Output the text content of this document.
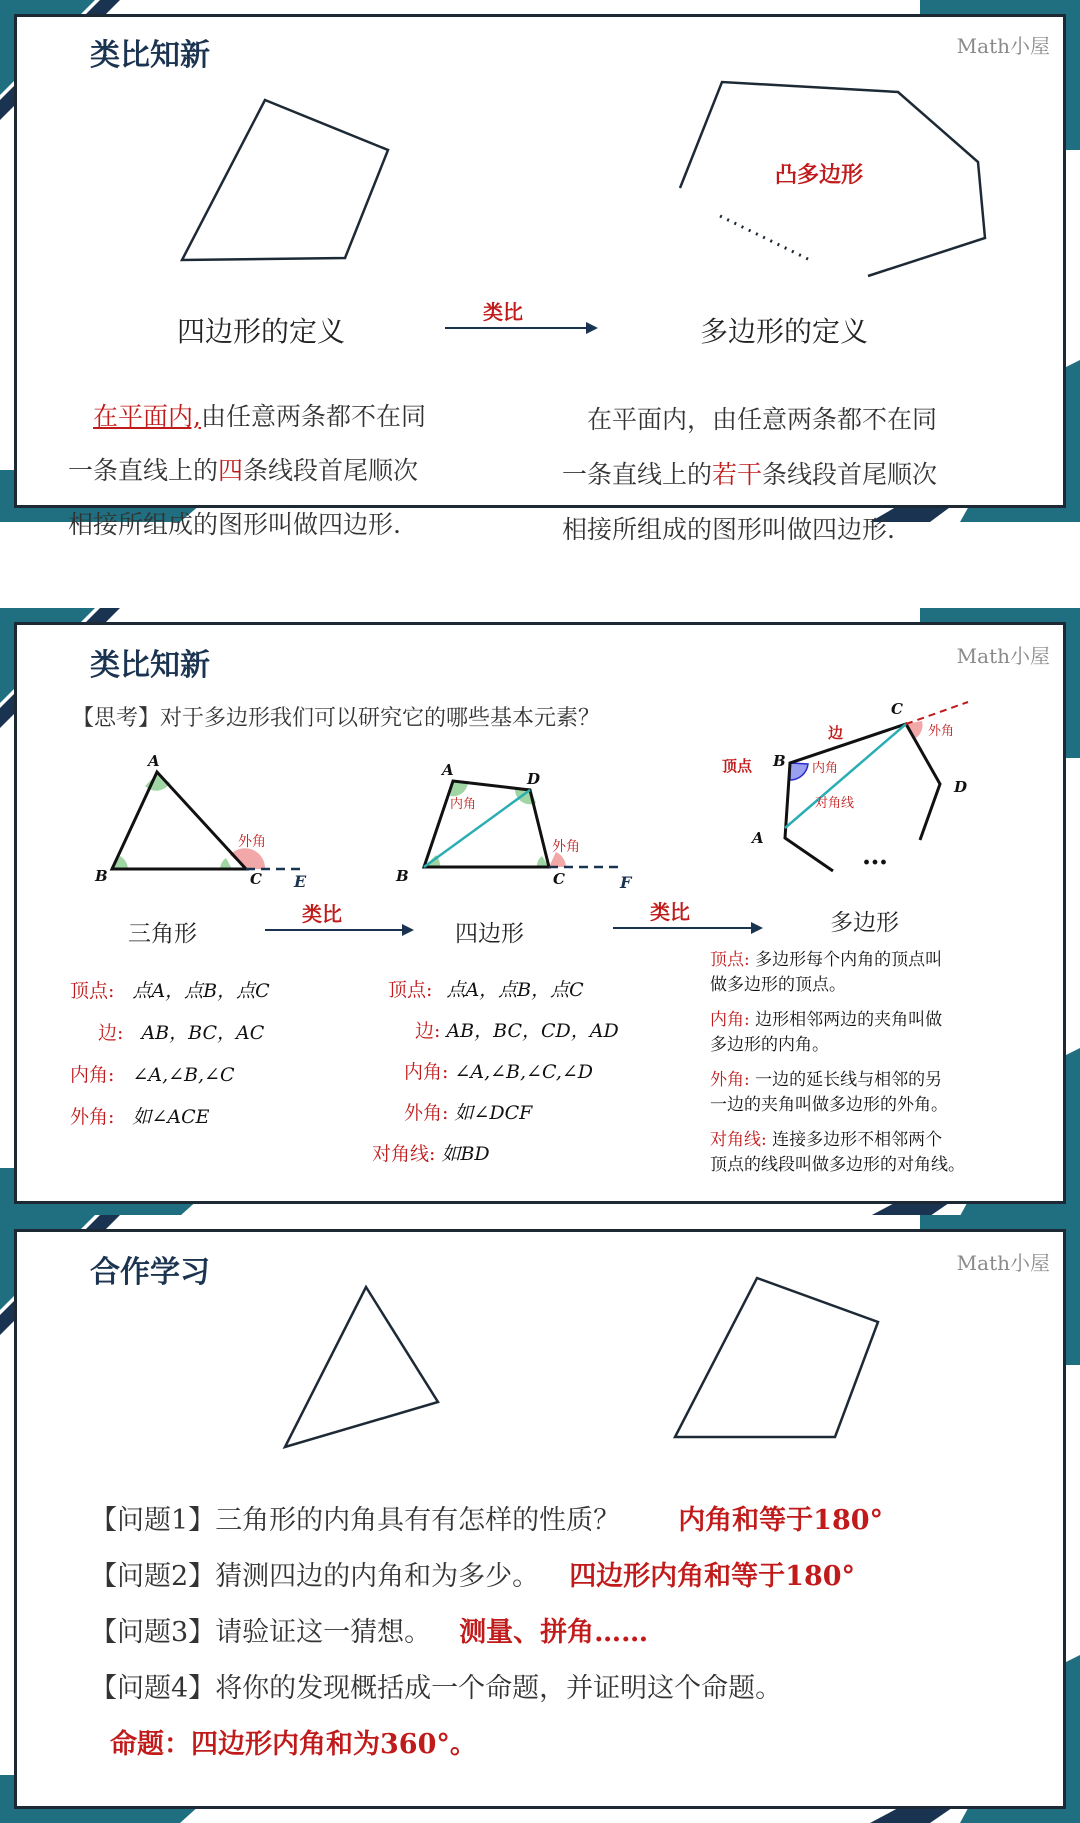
类比知新	Math小屋
凸多边形
四边形的定义
类比
多边形的定义
在平面内,由任意两条都不在同
一条直线上的四条线段首尾顺次
相接所组成的图形叫做四边形.
在平面内，由任意两条都不在同
一条直线上的若干条线段首尾顺次
相接所组成的图形叫做四边形.
类比知新	Math小屋
【思考】对于多边形我们可以研究它的哪些基本元素？
A
B	C E
外角
A
B	C
D
F
内角
外角	A
B
C
D
边
顶点	内角
外角
对角线
…
三角形	四边形	多边形
类比	类比
顶点: 点A，点B，点C
边: AB，BC，AC
内角: ∠A,∠B,∠C
外角: 如∠ACE
顶点: 点A，点B，点C
边: AB，BC，CD，AD
内角: ∠A,∠B,∠C,∠D
外角: 如∠DCF
对角线: 如BD
顶点: 多边形每个内角的顶点叫
做多边形的顶点。
内角: 边形相邻两边的夹角叫做
多边形的内角。
外角: 一边的延长线与相邻的另
一边的夹角叫做多边形的外角。
对角线: 连接多边形不相邻两个
顶点的线段叫做多边形的对角线。
合作学习	Math小屋
【问题1】三角形的内角具有有怎样的性质？ 内角和等于180°
【问题2】猜测四边的内角和为多少。 四边形内角和等于180°
【问题3】请验证这一猜想。 测量、拼角……
【问题4】将你的发现概括成一个命题，并证明这个命题。
命题：四边形内角和为360°。
